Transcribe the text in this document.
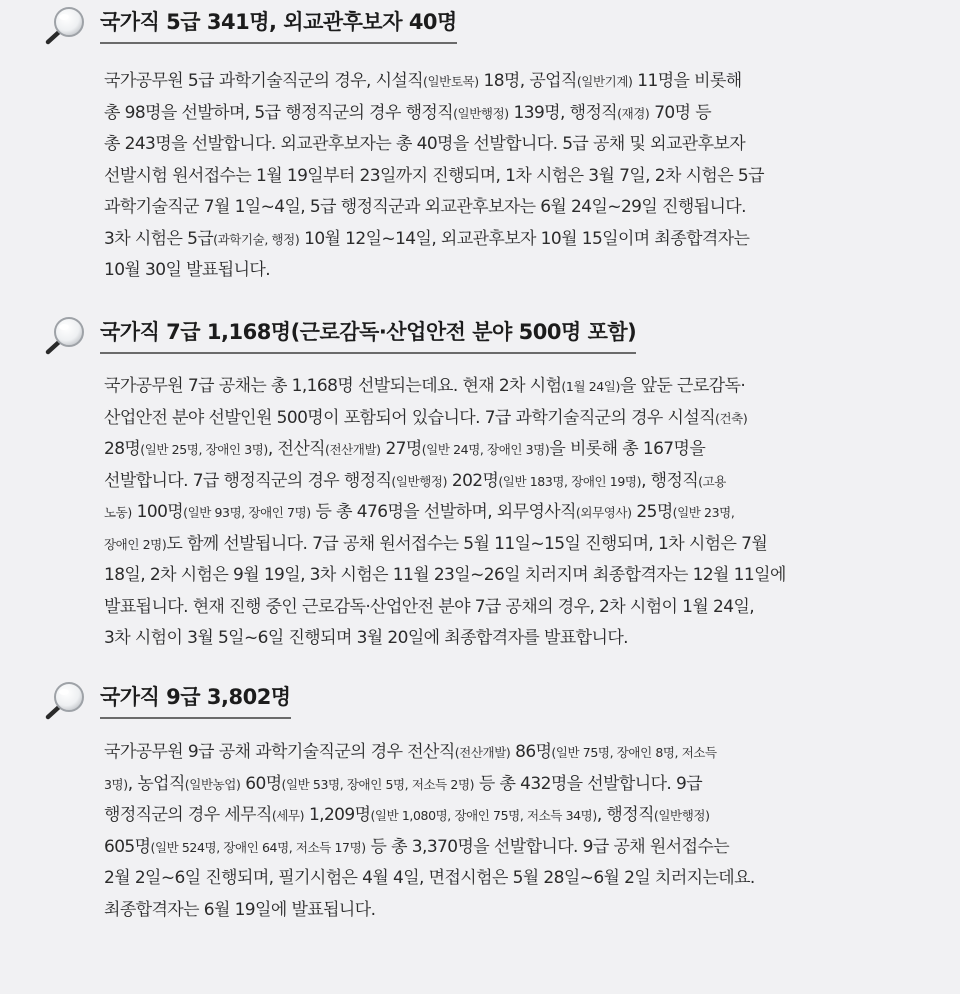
국가직 5급 341명, 외교관후보자 40명
국가공무원 5급 과학기술직군의 경우, 시설직(일반토목) 18명, 공업직(일반기계) 11명을 비롯해
총 98명을 선발하며, 5급 행정직군의 경우 행정직(일반행정) 139명, 행정직(재경) 70명 등
총 243명을 선발합니다. 외교관후보자는 총 40명을 선발합니다. 5급 공채 및 외교관후보자
선발시험 원서접수는 1월 19일부터 23일까지 진행되며, 1차 시험은 3월 7일, 2차 시험은 5급
과학기술직군 7월 1일~4일, 5급 행정직군과 외교관후보자는 6월 24일~29일 진행됩니다.
3차 시험은 5급(과학기술, 행정) 10월 12일~14일, 외교관후보자 10월 15일이며 최종합격자는
10월 30일 발표됩니다.
국가직 7급 1,168명(근로감독·산업안전 분야 500명 포함)
국가공무원 7급 공채는 총 1,168명 선발되는데요. 현재 2차 시험(1월 24일)을 앞둔 근로감독·
산업안전 분야 선발인원 500명이 포함되어 있습니다. 7급 과학기술직군의 경우 시설직(건축)
28명(일반 25명, 장애인 3명), 전산직(전산개발) 27명(일반 24명, 장애인 3명)을 비롯해 총 167명을
선발합니다. 7급 행정직군의 경우 행정직(일반행정) 202명(일반 183명, 장애인 19명), 행정직(고용
노동) 100명(일반 93명, 장애인 7명) 등 총 476명을 선발하며, 외무영사직(외무영사) 25명(일반 23명,
장애인 2명)도 함께 선발됩니다. 7급 공채 원서접수는 5월 11일~15일 진행되며, 1차 시험은 7월
18일, 2차 시험은 9월 19일, 3차 시험은 11월 23일~26일 치러지며 최종합격자는 12월 11일에
발표됩니다. 현재 진행 중인 근로감독·산업안전 분야 7급 공채의 경우, 2차 시험이 1월 24일,
3차 시험이 3월 5일~6일 진행되며 3월 20일에 최종합격자를 발표합니다.
국가직 9급 3,802명
국가공무원 9급 공채 과학기술직군의 경우 전산직(전산개발) 86명(일반 75명, 장애인 8명, 저소득
3명), 농업직(일반농업) 60명(일반 53명, 장애인 5명, 저소득 2명) 등 총 432명을 선발합니다. 9급
행정직군의 경우 세무직(세무) 1,209명(일반 1,080명, 장애인 75명, 저소득 34명), 행정직(일반행정)
605명(일반 524명, 장애인 64명, 저소득 17명) 등 총 3,370명을 선발합니다. 9급 공채 원서접수는
2월 2일~6일 진행되며, 필기시험은 4월 4일, 면접시험은 5월 28일~6월 2일 치러지는데요.
최종합격자는 6월 19일에 발표됩니다.
